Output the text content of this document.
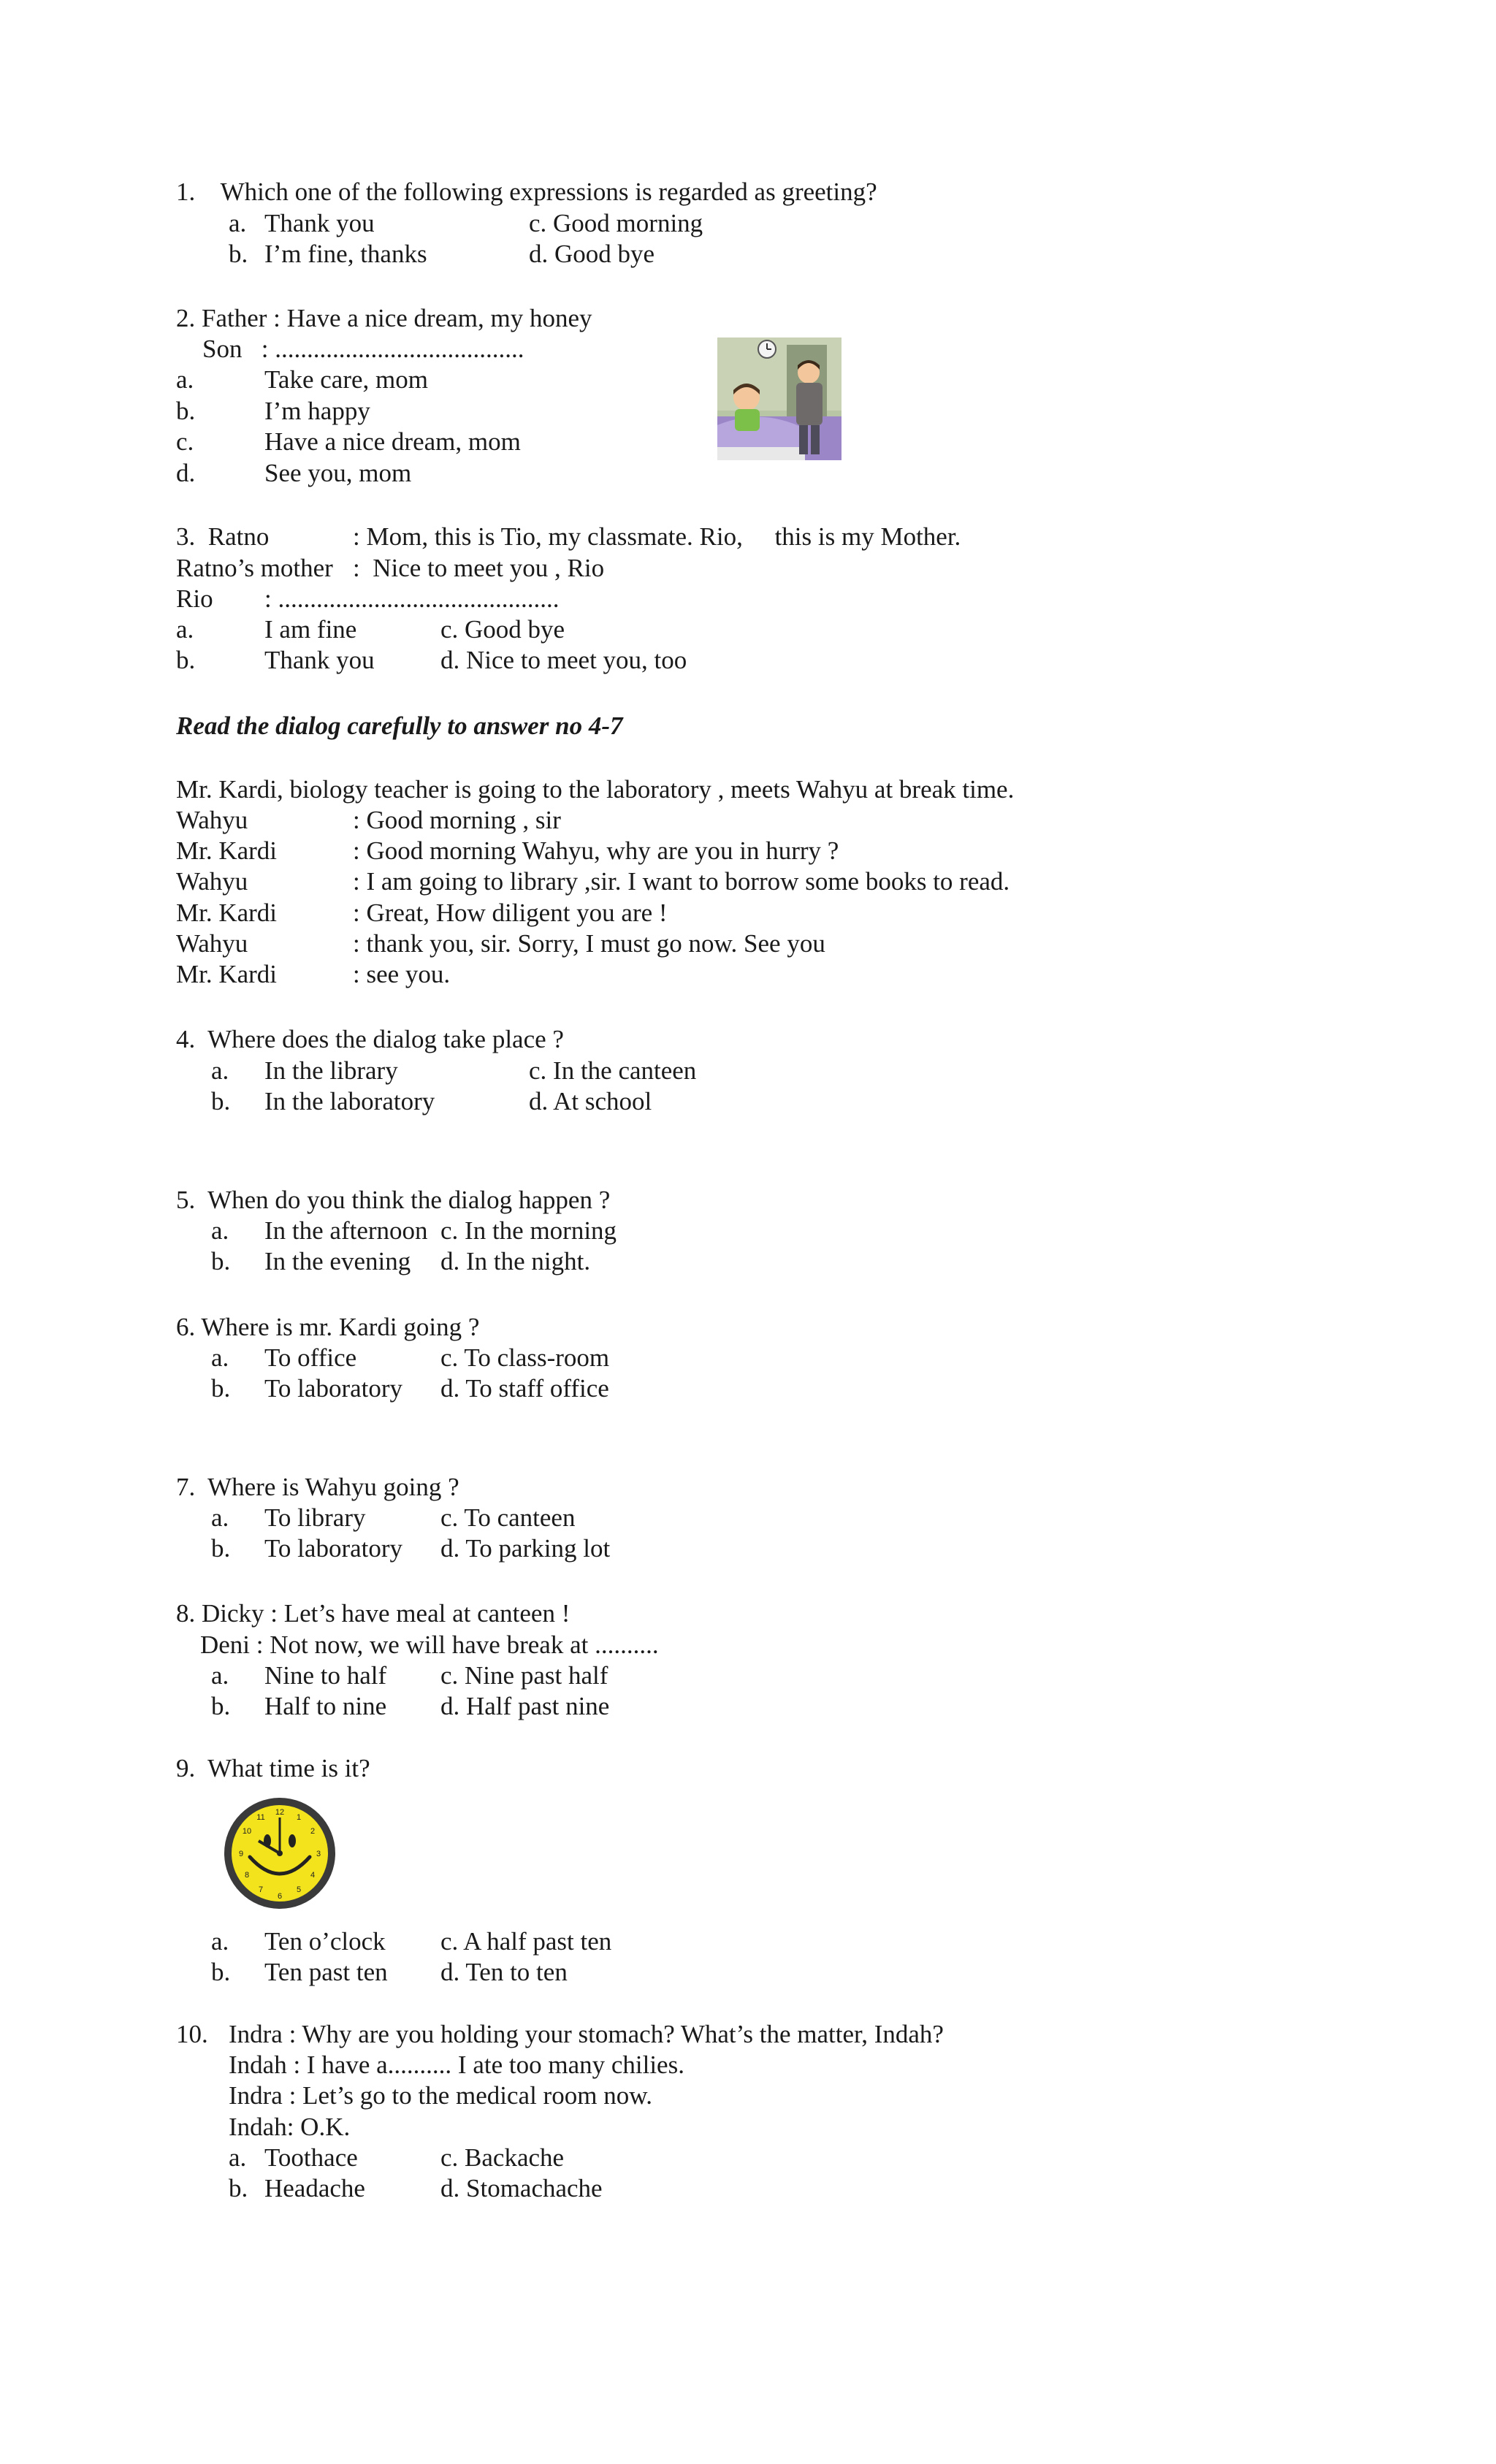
1.    Which one of the following expressions is regarded as greeting?
a. Thank you	c. Good morning
b. I’m fine, thanks	d. Good bye
2. Father : Have a nice dream, my honey
Son   : .......................................
a.	Take care, mom
b.	I’m happy
c.	Have a nice dream, mom
d.	See you, mom
3.  Ratno	: Mom, this is Tio, my classmate. Rio,     this is my Mother.
Ratno’s mother :  Nice to meet you , Rio
Rio : ............................................
a.	I am fine	c. Good bye
b.	Thank you	d. Nice to meet you, too
Read the dialog carefully to answer no 4-7
Mr. Kardi, biology teacher is going to the laboratory , meets Wahyu at break time.
Wahyu	: Good morning , sir
Mr. Kardi	: Good morning Wahyu, why are you in hurry ?
Wahyu	: I am going to library ,sir. I want to borrow some books to read.
Mr. Kardi	: Great, How diligent you are !
Wahyu	: thank you, sir. Sorry, I must go now. See you
Mr. Kardi	: see you.
4.  Where does the dialog take place ?
a. In the library	c. In the canteen
b. In the laboratory	d. At school
5.  When do you think the dialog happen ?
a. In the afternoon c. In the morning
b. In the evening d. In the night.
6. Where is mr. Kardi going ?
a. To office	c. To class-room
b. To laboratory d. To staff office
7.  Where is Wahyu going ?
a. To library	c. To canteen
b. To laboratory d. To parking lot
8. Dicky : Let’s have meal at canteen !
Deni : Not now, we will have break at ..........
a. Nine to half c. Nine past half
b. Half to nine d. Half past nine
9.  What time is it?
12
1
2
3
4
5
6
7
8
9
10
11
a. Ten o’clock c. A half past ten
b. Ten past ten d. Ten to ten
10. Indra : Why are you holding your stomach? What’s the matter, Indah?
Indah : I have a.......... I ate too many chilies.
Indra : Let’s go to the medical room now.
Indah: O.K.
a. Toothace	c. Backache
b. Headache	d. Stomachache
